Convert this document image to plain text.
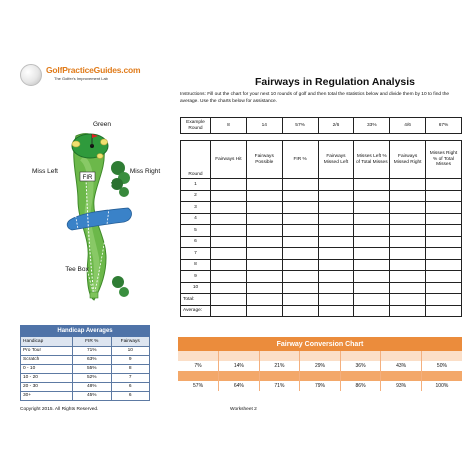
GolfPracticeGuides.com
The Golfer's Improvement Lab	Fairways in Regulation Analysis
Instructions: Fill out the chart for your next 10 rounds of golf and then total the statistics below and divide them by 10 to find the average. Use the charts below for assistance.
Example Round	8	14	57%	2/6	33%	4/6	67%
Round	Fairways Hit	Fairways Possible	FIR %	Fairways Missed Left	Misses Left % of Total Misses	Fairways Missed Right	Misses Right % of Total Misses
1							
2							
3							
4							
5							
6							
7							
8							
9							
10							
Total:							
Average:							
FIR
Green
Miss Left	Miss Right
Tee Box
Handicap Averages		
Handicap	FIR %	Fairways
Pro Tour	71%	10
Scratch	63%	9
0 - 10	55%	8
10 - 20	52%	7
20 - 30	48%	6
30+	45%	6
Fairway Conversion Chart						

7%	14%	21%	29%	36%	43%	50%

57%	64%	71%	79%	86%	93%	100%
Copyright 2015. All Rights Reserved.	Worksheet 2
